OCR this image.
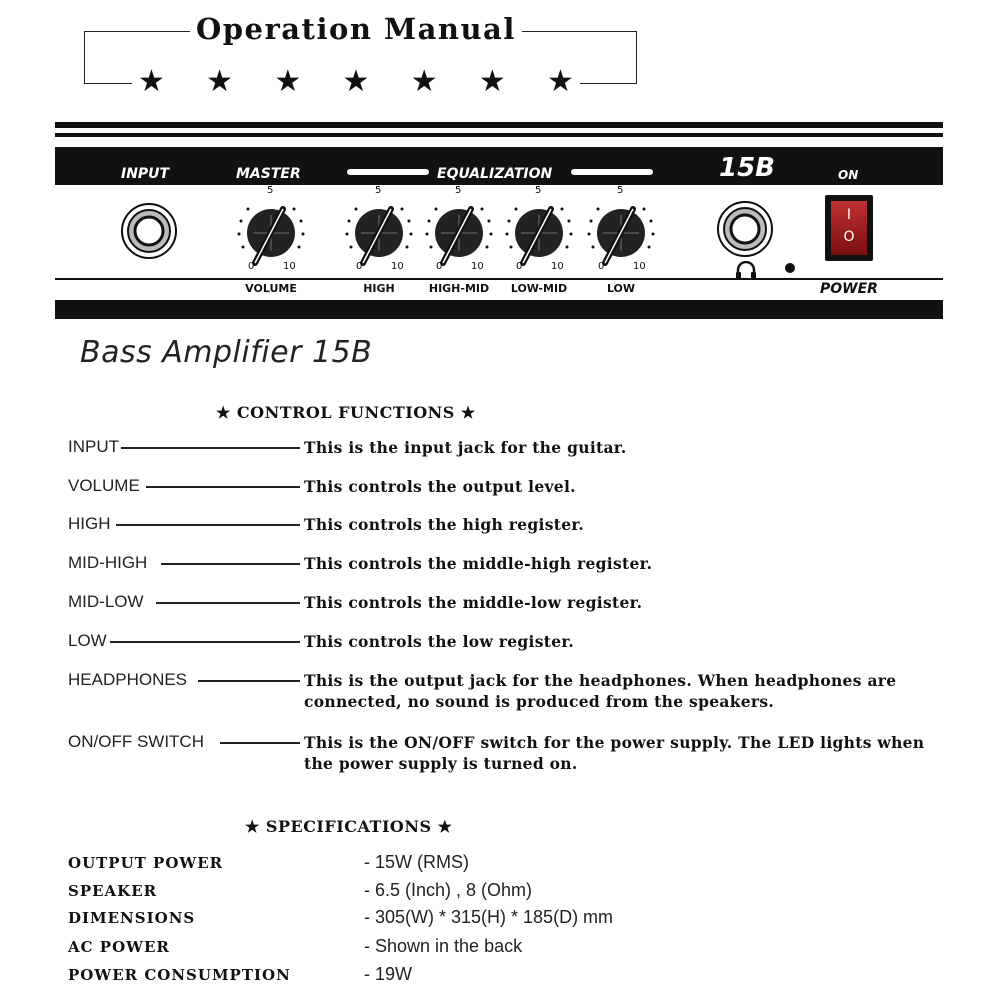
Operation Manual
★ ★ ★ ★ ★ ★ ★
INPUT	MASTER	EQUALIZATION	15B	ON
5
0	10
5
0	10
5
0	10
5
0	10
5
0	10
I
O
VOLUME	HIGH	HIGH-MID	LOW-MID	LOW	POWER
Bass Amplifier 15B
★ CONTROL FUNCTIONS ★
INPUT	This is the input jack for the guitar.
VOLUME	This controls the output level.
HIGH	This controls the high register.
MID-HIGH	This controls the middle-high register.
MID-LOW	This controls the middle-low register.
LOW	This controls the low register.
HEADPHONES	This is the output jack for the headphones. When headphones are connected, no sound is produced from the speakers.
ON/OFF SWITCH	This is the ON/OFF switch for the power supply. The LED lights when the power supply is turned on.
★ SPECIFICATIONS ★
OUTPUT POWER	- 15W (RMS)
SPEAKER	- 6.5 (Inch) , 8 (Ohm)
DIMENSIONS	- 305(W) * 315(H) * 185(D) mm
AC POWER	- Shown in the back
POWER CONSUMPTION	- 19W
